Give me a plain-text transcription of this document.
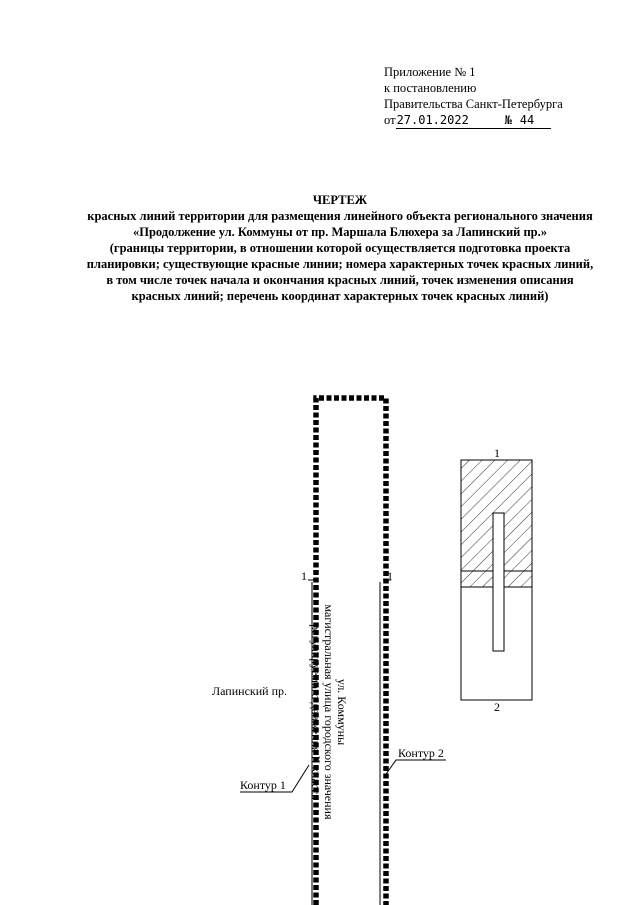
Приложение № 1
к постановлению
Правительства Санкт-Петербурга
от 27.01.2022	№ 44
ЧЕРТЕЖ
красных линий территории для размещения линейного объекта регионального значения
«Продолжение ул. Коммуны от пр. Маршала Блюхера за Лапинский пр.»
(границы территории, в отношении которой осуществляется подготовка проекта
планировки; существующие красные линии; номера характерных точек красных линий,
в том числе точек начала и окончания красных линий, точек изменения описания
красных линий; перечень координат характерных точек красных линий)
1	1
Лапинский пр.
Контур 1
Контур 2
1
2
ул. Коммуны
магистральная улица городского значения
регулируемого движения II класса
